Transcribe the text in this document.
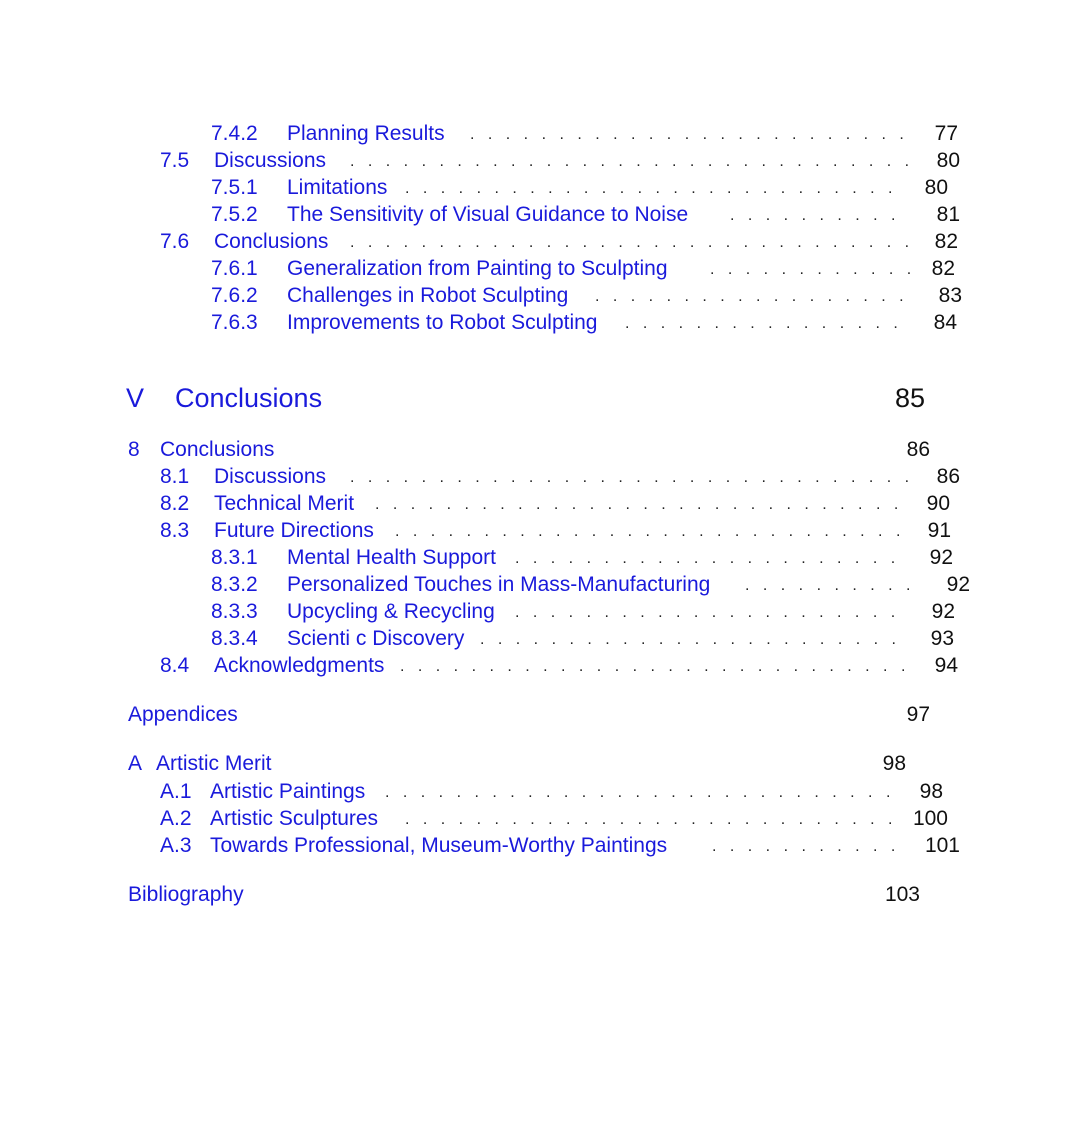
7.4.2 . . . Planning Results	77
7.5 . . . Discussions	80
7.5.1 . . . Limitations	80
7.5.2 . . . The Sensitivity of Visual Guidance to Noise	81
7.6 . . . Conclusions	82
7.6.1 . . . Generalization from Painting to Sculpting	82
7.6.2 . . . Challenges in Robot Sculpting	83
7.6.3 . . . Improvements to Robot Sculpting	84
V Conclusions	85
8 Conclusions	86
8.1 . . . Discussions	86
8.2 . . . Technical Merit	90
8.3 . . . Future Directions	91
8.3.1 . . . Mental Health Support	92
8.3.2 . . . Personalized Touches in Mass-Manufacturing	92
8.3.3 . . . Upcycling & Recycling	92
8.3.4 . . . Scienti c Discovery	93
8.4 . . . Acknowledgments	94
Appendices	97
A Artistic Merit	98
A.1 . . . Artistic Paintings	98
A.2 . . . Artistic Sculptures	100
A.3 . . . Towards Professional, Museum-Worthy Paintings	101
Bibliography	103
